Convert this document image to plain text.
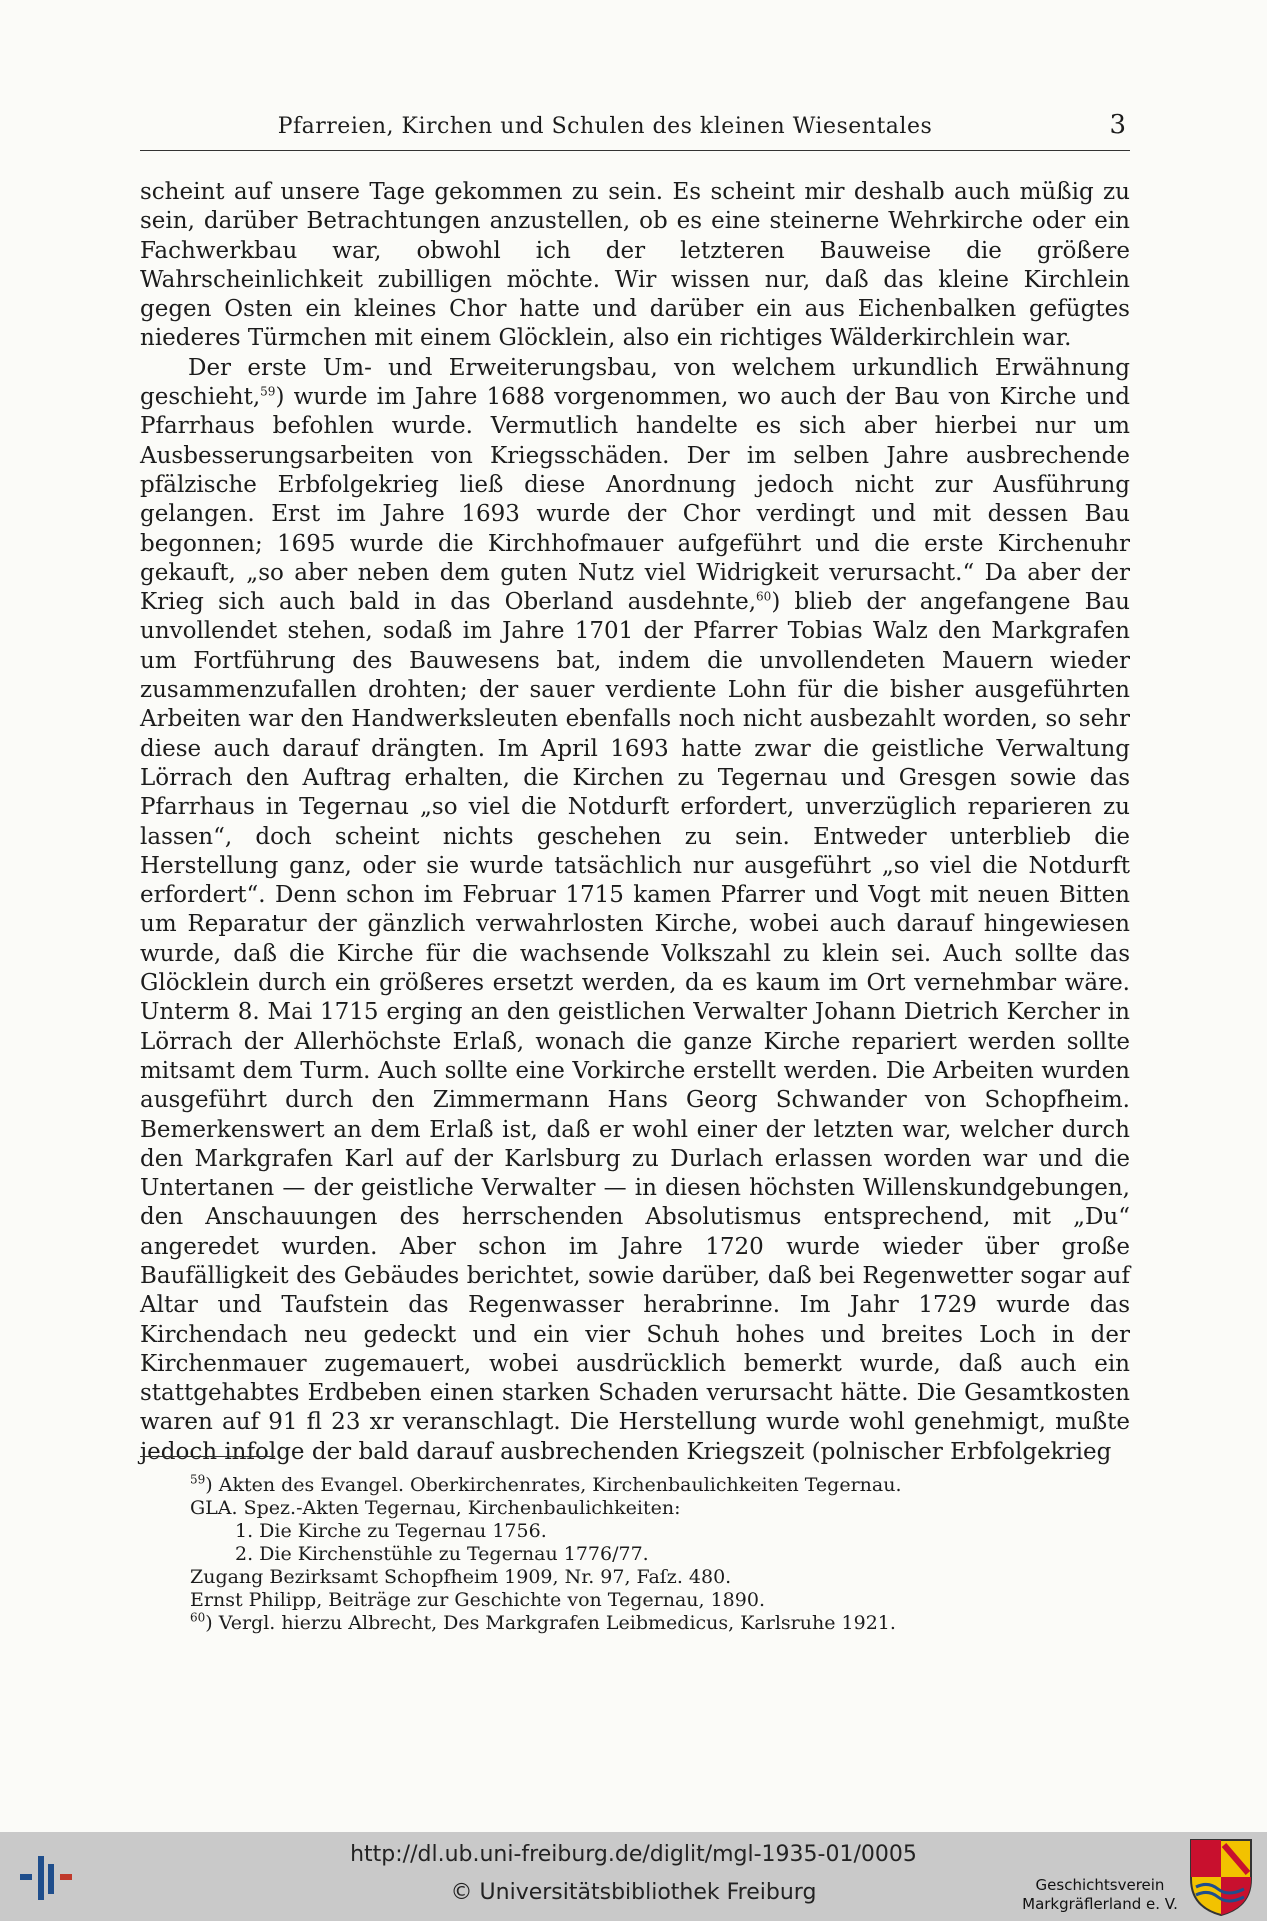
Pfarreien, Kirchen und Schulen des kleinen Wiesentales	3

scheint auf unsere Tage gekommen zu sein. Es scheint mir deshalb auch müßig zu sein, darüber Betrachtungen anzustellen, ob es eine steinerne Wehrkirche oder ein Fachwerkbau war, obwohl ich der letzteren Bauweise die größere Wahrscheinlichkeit zubilligen möchte. Wir wissen nur, daß das kleine Kirchlein gegen Osten ein kleines Chor hatte und darüber ein aus Eichenbalken gefügtes niederes Türmchen mit einem Glöcklein, also ein richtiges Wälderkirchlein war.

Der erste Um- und Erweiterungsbau, von welchem urkundlich Erwähnung geschieht,$^{59}$) wurde im Jahre 1688 vorgenommen, wo auch der Bau von Kirche und Pfarrhaus befohlen wurde. Vermutlich handelte es sich aber hierbei nur um Ausbesserungsarbeiten von Kriegsschäden. Der im selben Jahre ausbrechende pfälzische Erbfolgekrieg ließ diese Anordnung jedoch nicht zur Ausführung gelangen. Erst im Jahre 1693 wurde der Chor verdingt und mit dessen Bau begonnen; 1695 wurde die Kirchhofmauer aufgeführt und die erste Kirchenuhr gekauft, „so aber neben dem guten Nutz viel Widrigkeit verursacht.“ Da aber der Krieg sich auch bald in das Oberland ausdehnte,$^{60}$) blieb der angefangene Bau unvollendet stehen, sodaß im Jahre 1701 der Pfarrer Tobias Walz den Markgrafen um Fortführung des Bauwesens bat, indem die unvollendeten Mauern wieder zusammenzufallen drohten; der sauer verdiente Lohn für die bisher ausgeführten Arbeiten war den Handwerksleuten ebenfalls noch nicht ausbezahlt worden, so sehr diese auch darauf drängten. Im April 1693 hatte zwar die geistliche Verwaltung Lörrach den Auftrag erhalten, die Kirchen zu Tegernau und Gresgen sowie das Pfarrhaus in Tegernau „so viel die Notdurft erfordert, unverzüglich reparieren zu lassen“, doch scheint nichts geschehen zu sein. Entweder unterblieb die Herstellung ganz, oder sie wurde tatsächlich nur ausgeführt „so viel die Notdurft erfordert“. Denn schon im Februar 1715 kamen Pfarrer und Vogt mit neuen Bitten um Reparatur der gänzlich verwahrlosten Kirche, wobei auch darauf hingewiesen wurde, daß die Kirche für die wachsende Volkszahl zu klein sei. Auch sollte das Glöcklein durch ein größeres ersetzt werden, da es kaum im Ort vernehmbar wäre. Unterm 8. Mai 1715 erging an den geistlichen Verwalter Johann Dietrich Kercher in Lörrach der Allerhöchste Erlaß, wonach die ganze Kirche repariert werden sollte mitsamt dem Turm. Auch sollte eine Vorkirche erstellt werden. Die Arbeiten wurden ausgeführt durch den Zimmermann Hans Georg Schwander von Schopfheim. Bemerkenswert an dem Erlaß ist, daß er wohl einer der letzten war, welcher durch den Markgrafen Karl auf der Karlsburg zu Durlach erlassen worden war und die Untertanen — der geistliche Verwalter — in diesen höchsten Willenskundgebungen, den Anschauungen des herrschenden Absolutismus entsprechend, mit „Du“ angeredet wurden. Aber schon im Jahre 1720 wurde wieder über große Baufälligkeit des Gebäudes berichtet, sowie darüber, daß bei Regenwetter sogar auf Altar und Taufstein das Regenwasser herabrinne. Im Jahr 1729 wurde das Kirchendach neu gedeckt und ein vier Schuh hohes und breites Loch in der Kirchenmauer zugemauert, wobei ausdrücklich bemerkt wurde, daß auch ein stattgehabtes Erdbeben einen starken Schaden verursacht hätte. Die Gesamtkosten waren auf 91 fl 23 xr veranschlagt. Die Herstellung wurde wohl genehmigt, mußte jedoch infolge der bald darauf ausbrechenden Kriegszeit (polnischer Erbfolgekrieg

$^{59}$) Akten des Evangel. Oberkirchenrates, Kirchenbaulichkeiten Tegernau.
GLA. Spez.-Akten Tegernau, Kirchenbaulichkeiten:
1. Die Kirche zu Tegernau 1756.
2. Die Kirchenstühle zu Tegernau 1776/77.
Zugang Bezirksamt Schopfheim 1909, Nr. 97, Faſz. 480.
Ernst Philipp, Beiträge zur Geschichte von Tegernau, 1890.
$^{60}$) Vergl. hierzu Albrecht, Des Markgrafen Leibmedicus, Karlsruhe 1921.
http://dl.ub.uni-freiburg.de/diglit/mgl-1935-01/0005
© Universitätsbibliothek Freiburg	Geschichtsverein
Markgräflerland e. V.
